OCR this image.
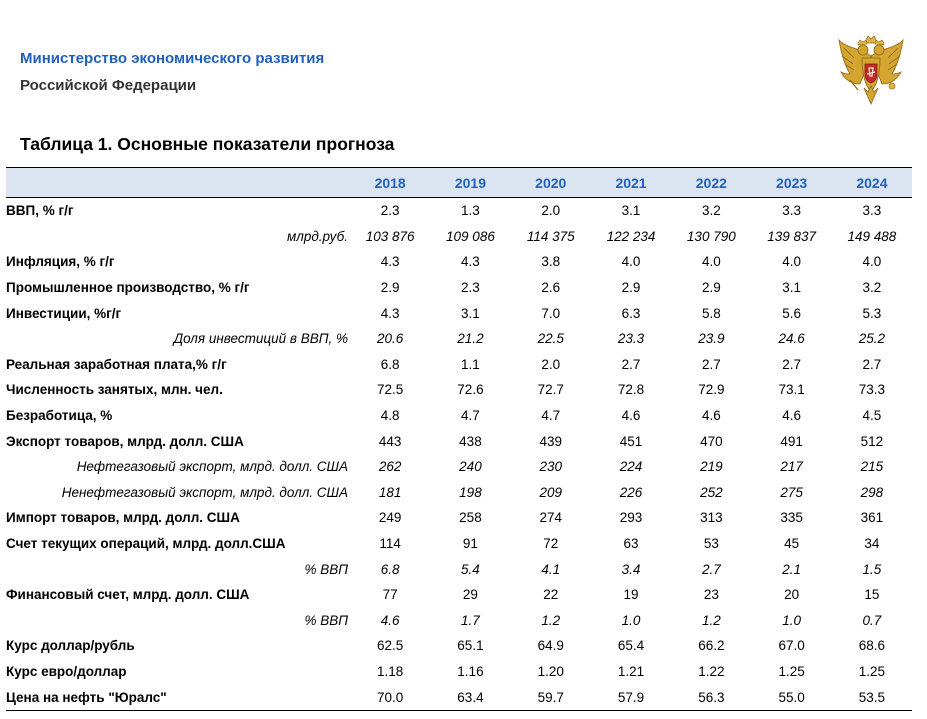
Министерство экономического развития
Российской Федерации
Таблица 1. Основные показатели прогноза
	2018	2019	2020	2021	2022	2023	2024
ВВП, % г/г	2.3	1.3	2.0	3.1	3.2	3.3	3.3
млрд.руб.	103 876	109 086	114 375	122 234	130 790	139 837	149 488
Инфляция, % г/г	4.3	4.3	3.8	4.0	4.0	4.0	4.0
Промышленное производство, % г/г	2.9	2.3	2.6	2.9	2.9	3.1	3.2
Инвестиции, %г/г	4.3	3.1	7.0	6.3	5.8	5.6	5.3
Доля инвестиций в ВВП, %	20.6	21.2	22.5	23.3	23.9	24.6	25.2
Реальная заработная плата,% г/г	6.8	1.1	2.0	2.7	2.7	2.7	2.7
Численность занятых, млн. чел.	72.5	72.6	72.7	72.8	72.9	73.1	73.3
Безработица, %	4.8	4.7	4.7	4.6	4.6	4.6	4.5
Экспорт товаров, млрд. долл. США	443	438	439	451	470	491	512
Нефтегазовый экспорт, млрд. долл. США	262	240	230	224	219	217	215
Ненефтегазовый экспорт, млрд. долл. США	181	198	209	226	252	275	298
Импорт товаров, млрд. долл. США	249	258	274	293	313	335	361
Счет текущих операций, млрд. долл.США	114	91	72	63	53	45	34
% ВВП	6.8	5.4	4.1	3.4	2.7	2.1	1.5
Финансовый счет, млрд. долл. США	77	29	22	19	23	20	15
% ВВП	4.6	1.7	1.2	1.0	1.2	1.0	0.7
Курс доллар/рубль	62.5	65.1	64.9	65.4	66.2	67.0	68.6
Курс евро/доллар	1.18	1.16	1.20	1.21	1.22	1.25	1.25
Цена на нефть "Юралс"	70.0	63.4	59.7	57.9	56.3	55.0	53.5
